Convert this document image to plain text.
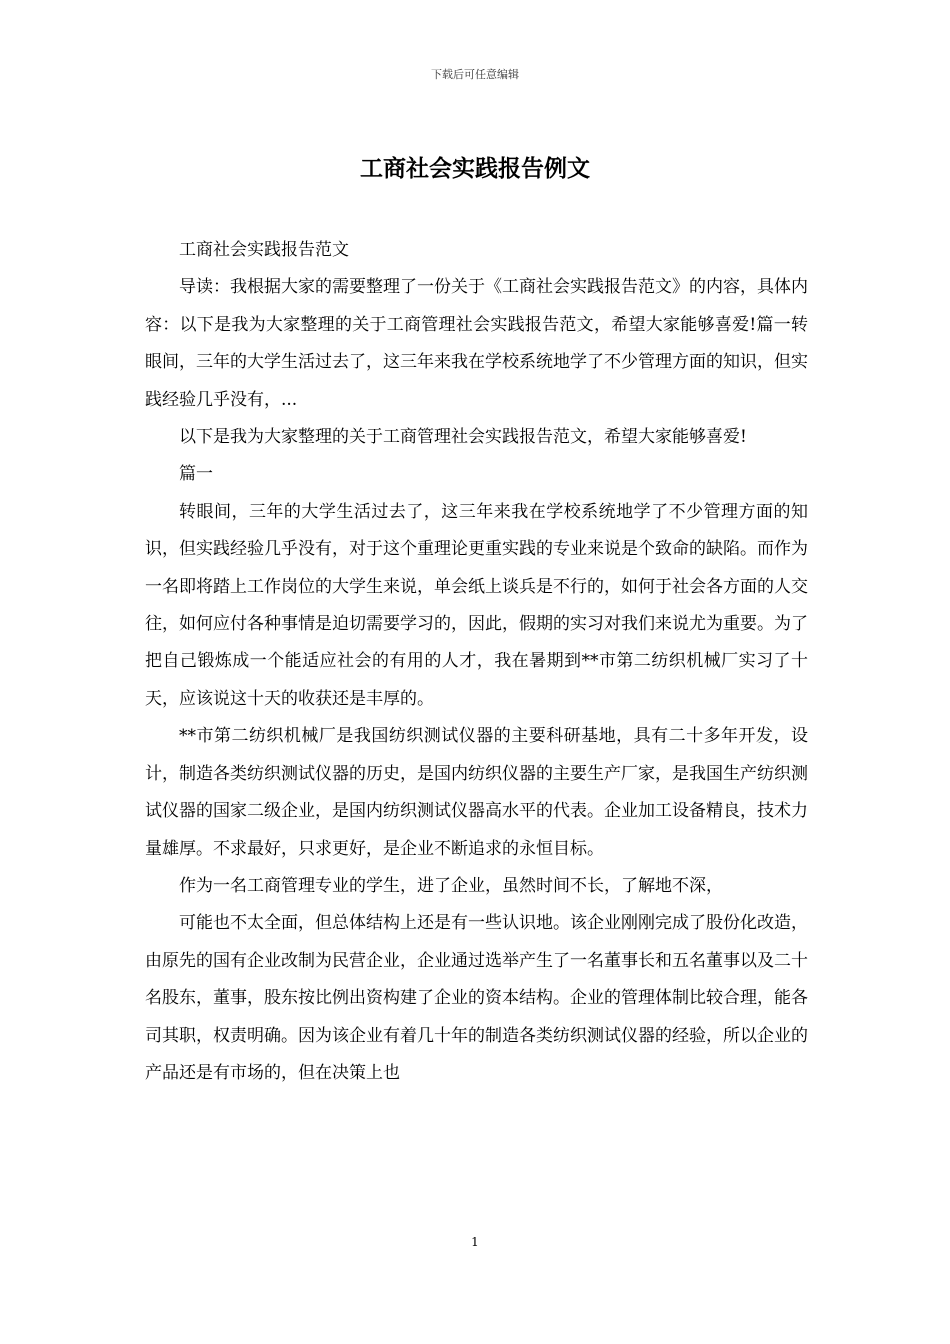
下载后可任意编辑
工商社会实践报告例文

工商社会实践报告范文

导读：我根据大家的需要整理了一份关于《工商社会实践报告范文》的内容，具体内容：以下是我为大家整理的关于工商管理社会实践报告范文，希望大家能够喜爱!篇一转眼间，三年的大学生活过去了，这三年来我在学校系统地学了不少管理方面的知识，但实践经验几乎没有，...

以下是我为大家整理的关于工商管理社会实践报告范文，希望大家能够喜爱!

篇一

转眼间，三年的大学生活过去了，这三年来我在学校系统地学了不少管理方面的知识，但实践经验几乎没有，对于这个重理论更重实践的专业来说是个致命的缺陷。而作为一名即将踏上工作岗位的大学生来说，单会纸上谈兵是不行的，如何于社会各方面的人交往，如何应付各种事情是迫切需要学习的，因此，假期的实习对我们来说尤为重要。为了把自己锻炼成一个能适应社会的有用的人才，我在暑期到**市第二纺织机械厂实习了十天，应该说这十天的收获还是丰厚的。

**市第二纺织机械厂是我国纺织测试仪器的主要科研基地，具有二十多年开发，设计，制造各类纺织测试仪器的历史，是国内纺织仪器的主要生产厂家，是我国生产纺织测试仪器的国家二级企业，是国内纺织测试仪器高水平的代表。企业加工设备精良，技术力量雄厚。不求最好，只求更好，是企业不断追求的永恒目标。

作为一名工商管理专业的学生，进了企业，虽然时间不长，了解地不深，

可能也不太全面，但总体结构上还是有一些认识地。该企业刚刚完成了股份化改造，由原先的国有企业改制为民营企业，企业通过选举产生了一名董事长和五名董事以及二十名股东，董事，股东按比例出资构建了企业的资本结构。企业的管理体制比较合理，能各司其职，权责明确。因为该企业有着几十年的制造各类纺织测试仪器的经验，所以企业的产品还是有市场的，但在决策上也

1
